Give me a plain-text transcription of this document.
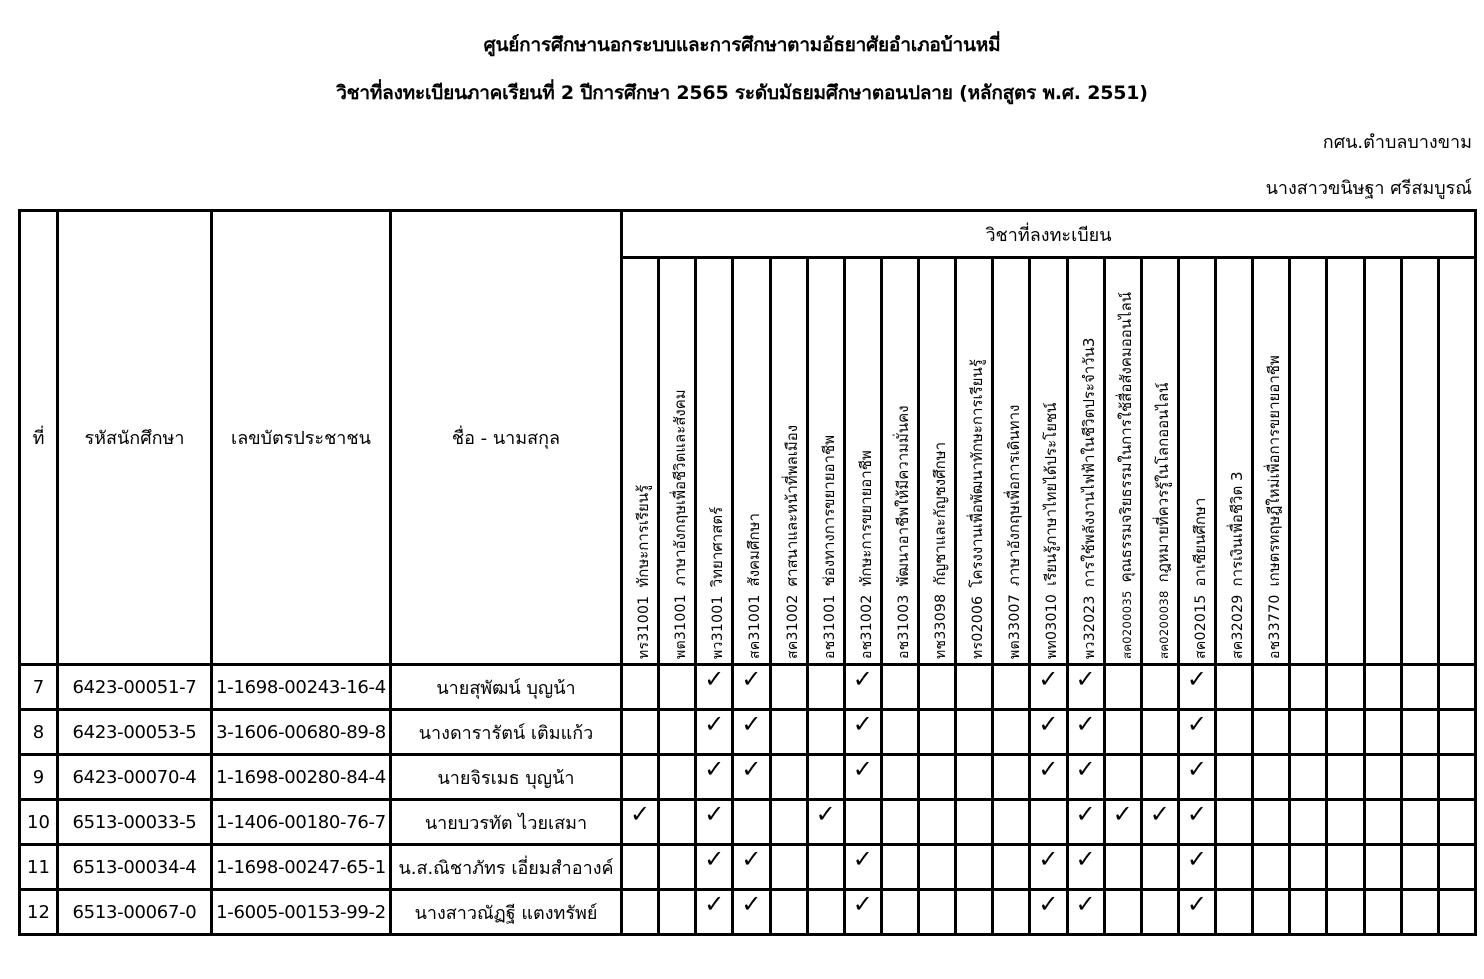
ศูนย์การศึกษานอกระบบและการศึกษาตามอัธยาศัยอำเภอบ้านหมี่
วิชาที่ลงทะเบียนภาคเรียนที่ 2 ปีการศึกษา 2565 ระดับมัธยมศึกษาตอนปลาย (หลักสูตร พ.ศ. 2551)
กศน.ตำบลบางขาม
นางสาวขนิษฐา ศรีสมบูรณ์
ที่	รหัสนักศึกษา	เลขบัตรประชาชน	ชื่อ - นามสกุล	วิชาที่ลงทะเบียน																						

				ทร31001ทักษะการเรียนรู้	พต31001ภาษาอังกฤษเพื่อชีวิตและสังคม	พว31001วิทยาศาสตร์	สค31001สังคมศึกษา	สค31002ศาสนาและหน้าที่พลเมือง	อช31001ช่องทางการขยายอาชีพ	อช31002ทักษะการขยายอาชีพ	อช31003พัฒนาอาชีพให้มีความมั่นคง	ทช33098กัญชาและกัญชงศึกษา	ทร02006โครงงานเพื่อพัฒนาทักษะการเรียนรู้	พต33007ภาษาอังกฤษเพื่อการเดินทาง	พท03010เรียนรู้ภาษาไทยได้ประโยชน์	พว32023การใช้พลังงานไฟฟ้าในชีวิตประจำวัน3	สค0200035คุณธรรมจริยธรรมในการใช้สื่อสังคมออนไลน์	สค0200038กฎหมายที่ควรรู้ในโลกออนไลน์	สค02015อาเซียนศึกษา	สค32029การเงินเพื่อชีวิต 3	อช33770เกษตรทฤษฎีใหม่เพื่อการขยายอาชีพ					

7	6423-00051-7	1-1698-00243-16-4	นายสุพัฒน์ บุญน้า			✓	✓			✓					✓	✓			✓							
8	6423-00053-5	3-1606-00680-89-8	นางดารารัตน์ เติมแก้ว			✓	✓			✓					✓	✓			✓							
9	6423-00070-4	1-1698-00280-84-4	นายจิรเมธ บุญน้า			✓	✓			✓					✓	✓			✓							
10	6513-00033-5	1-1406-00180-76-7	นายบวรทัต ไวยเสมา	✓		✓			✓							✓	✓	✓	✓							
11	6513-00034-4	1-1698-00247-65-1	น.ส.ณิชาภัทร เอี่ยมสำอางค์			✓	✓			✓					✓	✓			✓							
12	6513-00067-0	1-6005-00153-99-2	นางสาวณัฏฐี แตงทรัพย์			✓	✓			✓					✓	✓			✓							
